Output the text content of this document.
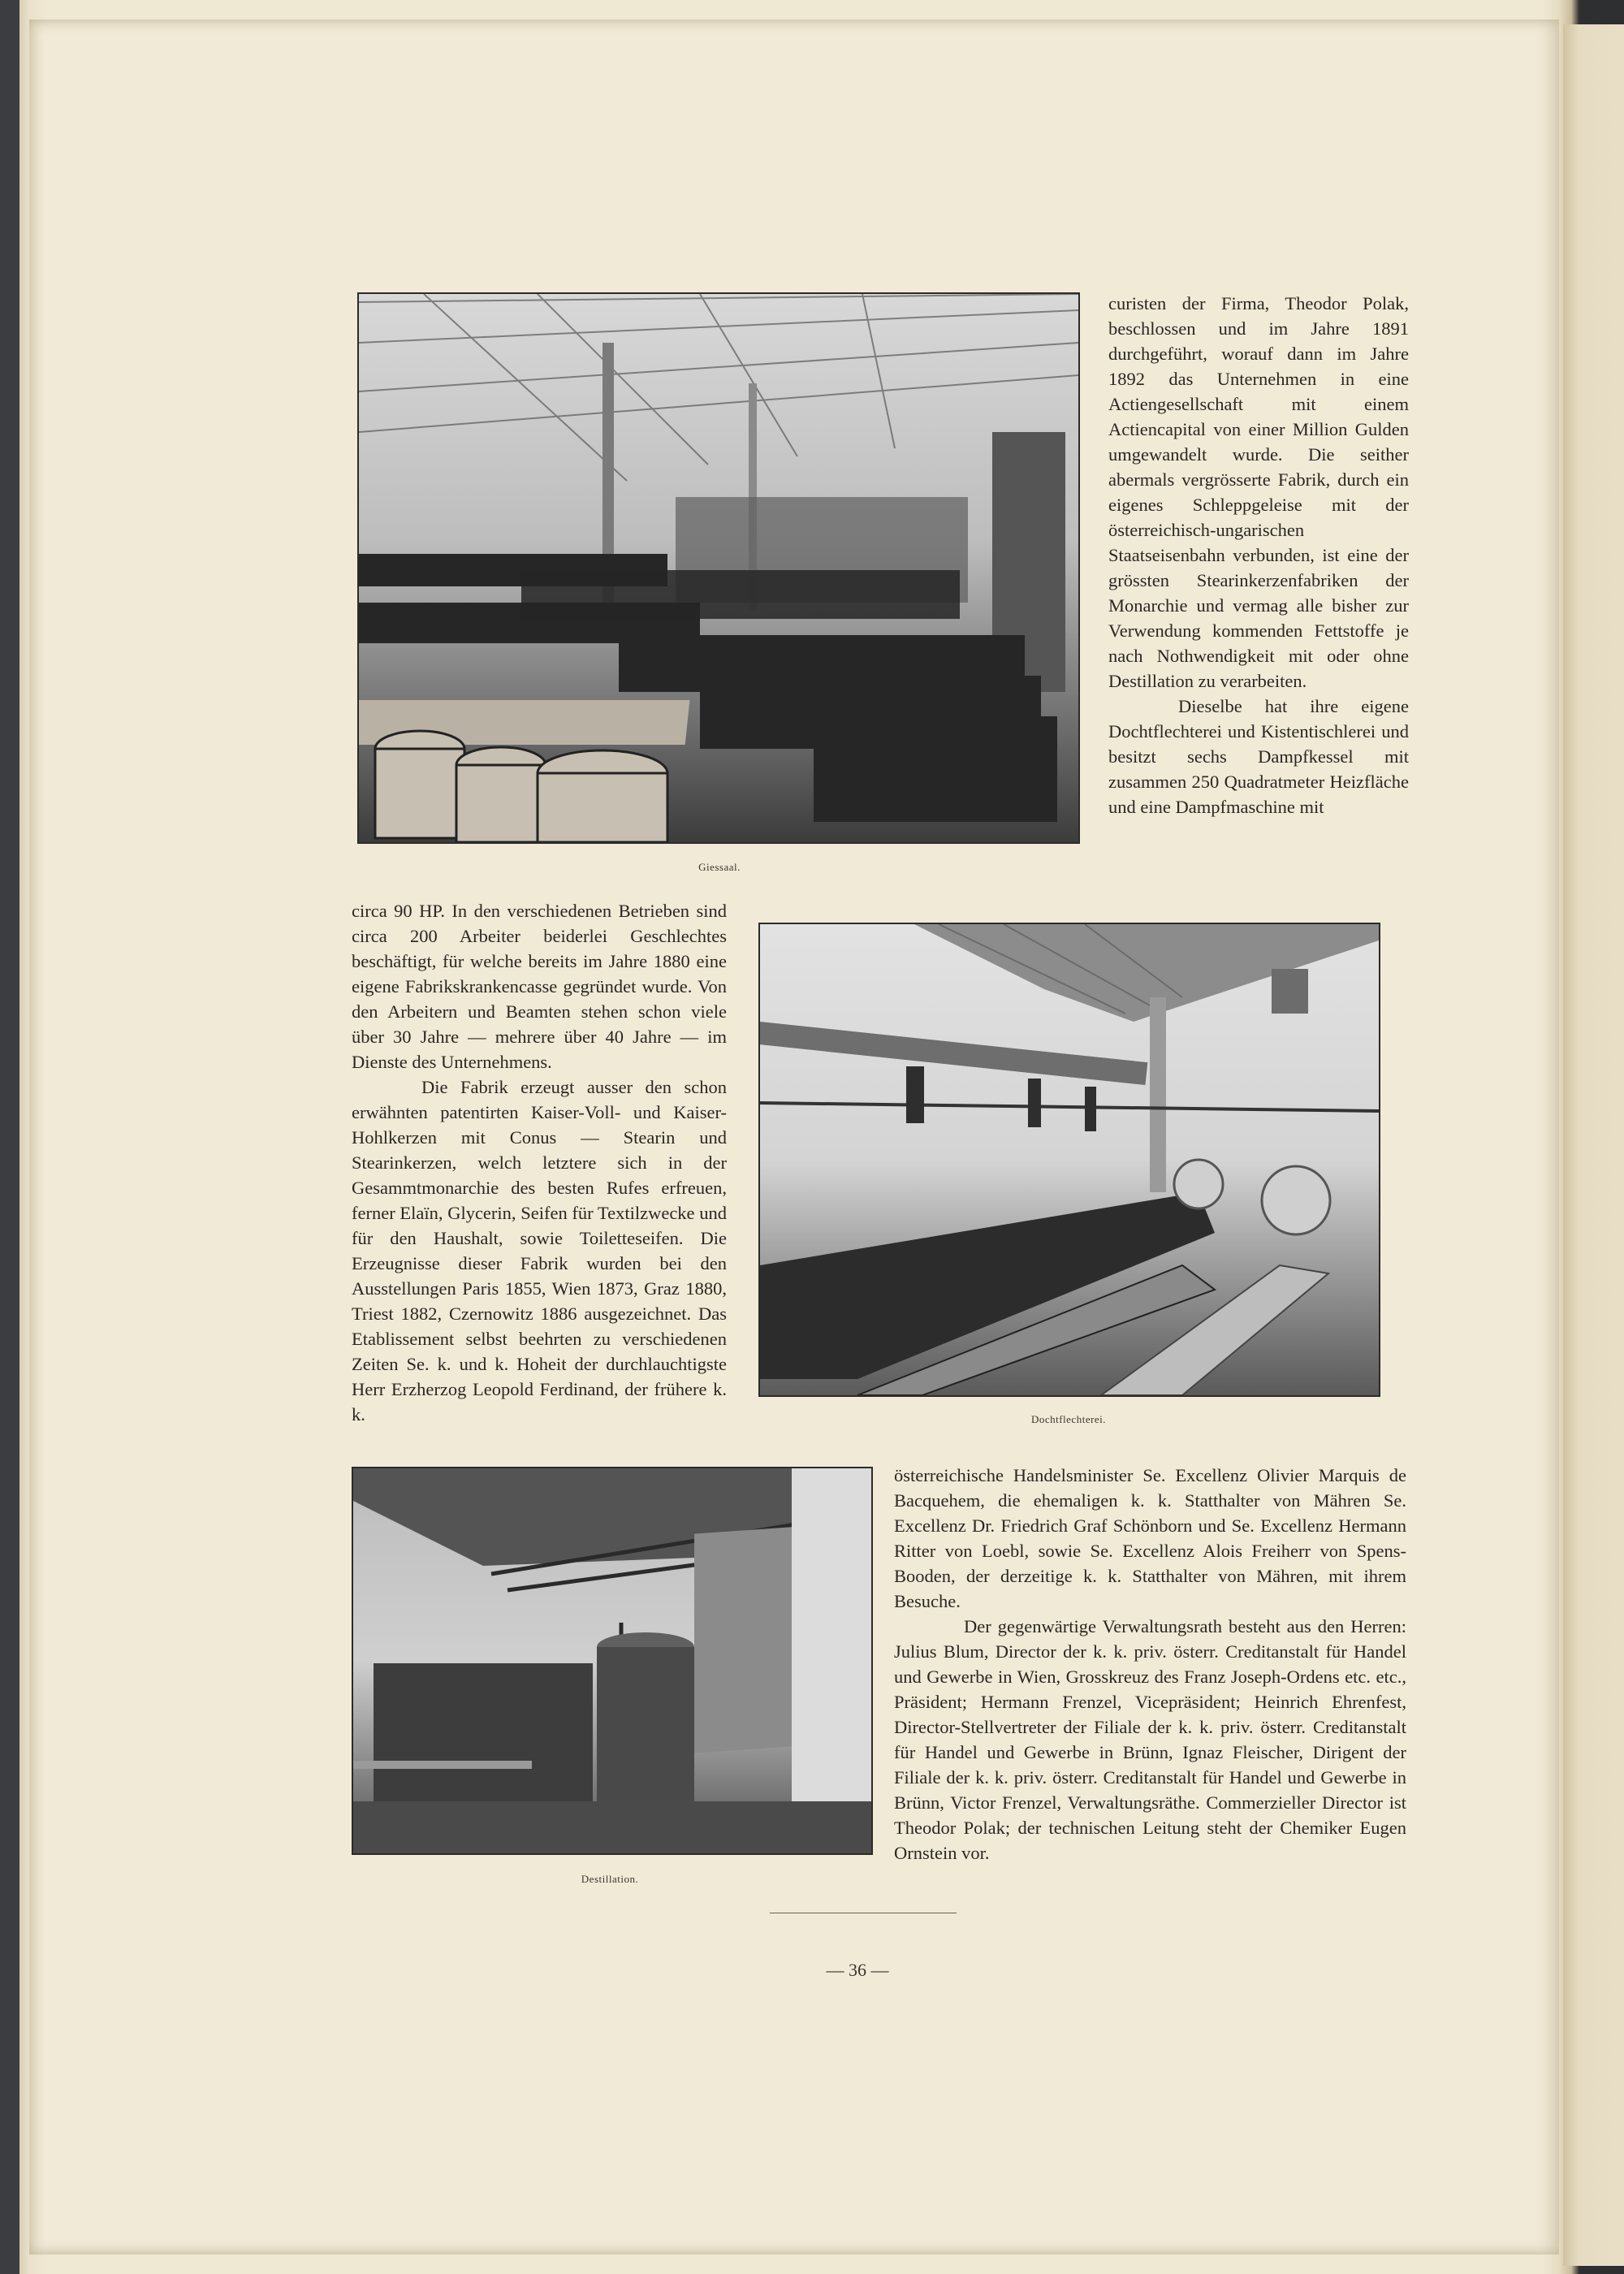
Giessaal.

curisten der Firma, Theodor Polak, beschlossen und im Jahre 1891 durchgeführt, worauf dann im Jahre 1892 das Unternehmen in eine Actiengesellschaft mit einem Actiencapital von einer Million Gulden umgewandelt wurde. Die seither abermals vergrösserte Fabrik, durch ein eigenes Schleppgeleise mit der österreichisch-ungarischen Staatseisenbahn verbunden, ist eine der grössten Stearinkerzenfabriken der Monarchie und vermag alle bisher zur Verwendung kommenden Fettstoffe je nach Nothwendigkeit mit oder ohne Destillation zu verarbeiten.

Dieselbe hat ihre eigene Dochtflechterei und Kistentischlerei und besitzt sechs Dampfkessel mit zusammen 250 Quadratmeter Heizfläche und eine Dampfmaschine mit

circa 90 HP. In den verschiedenen Betrieben sind circa 200 Arbeiter beiderlei Geschlechtes beschäftigt, für welche bereits im Jahre 1880 eine eigene Fabrikskrankencasse gegründet wurde. Von den Arbeitern und Beamten stehen schon viele über 30 Jahre — mehrere über 40 Jahre — im Dienste des Unternehmens.

Die Fabrik erzeugt ausser den schon erwähnten patentirten Kaiser-Voll- und Kaiser-Hohlkerzen mit Conus — Stearin und Stearinkerzen, welch letztere sich in der Gesammtmonarchie des besten Rufes erfreuen, ferner Elaïn, Glycerin, Seifen für Textilzwecke und für den Haushalt, sowie Toiletteseifen. Die Erzeugnisse dieser Fabrik wurden bei den Ausstellungen Paris 1855, Wien 1873, Graz 1880, Triest 1882, Czernowitz 1886 ausgezeichnet. Das Etablissement selbst beehrten zu verschiedenen Zeiten Se. k. und k. Hoheit der durchlauchtigste Herr Erzherzog Leopold Ferdinand, der frühere k. k.	Dochtflechterei.
Destillation.

österreichische Handelsminister Se. Excellenz Olivier Marquis de Bacquehem, die ehemaligen k. k. Statthalter von Mähren Se. Excellenz Dr. Friedrich Graf Schönborn und Se. Excellenz Hermann Ritter von Loebl, sowie Se. Excellenz Alois Freiherr von Spens-Booden, der derzeitige k. k. Statthalter von Mähren, mit ihrem Besuche.

Der gegenwärtige Verwaltungsrath besteht aus den Herren: Julius Blum, Director der k. k. priv. österr. Creditanstalt für Handel und Gewerbe in Wien, Grosskreuz des Franz Joseph-Ordens etc. etc., Präsident; Hermann Frenzel, Vicepräsident; Heinrich Ehrenfest, Director-Stellvertreter der Filiale der k. k. priv. österr. Creditanstalt für Handel und Gewerbe in Brünn, Ignaz Fleischer, Dirigent der Filiale der k. k. priv. österr. Creditanstalt für Handel und Gewerbe in Brünn, Victor Frenzel, Verwaltungsräthe. Commerzieller Director ist Theodor Polak; der technischen Leitung steht der Chemiker Eugen Ornstein vor.

— 36 —
